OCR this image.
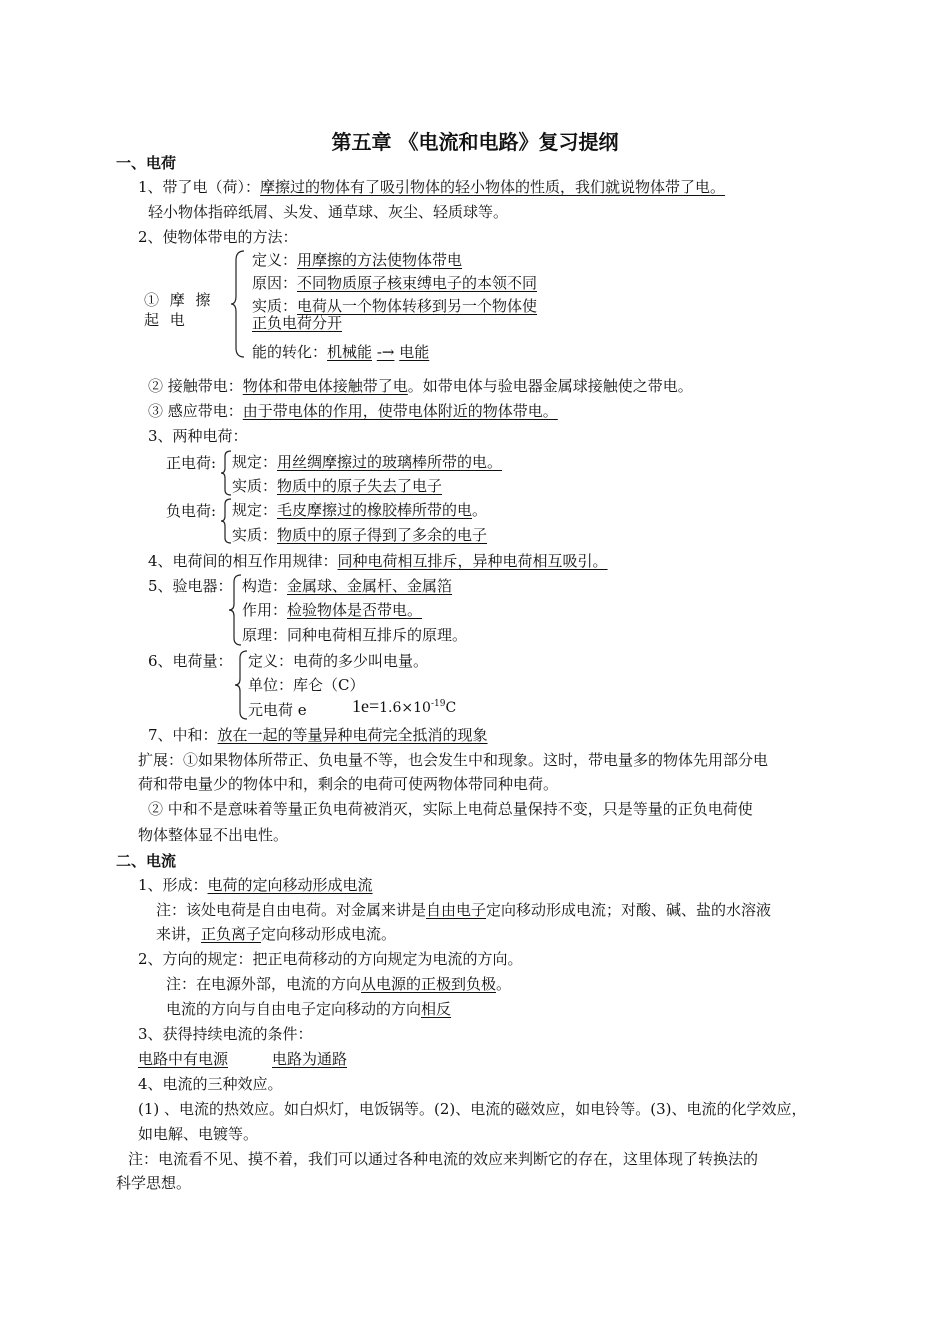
第五章 《电流和电路》复习提纲
一、电荷
1、带了电（荷）：摩擦过的物体有了吸引物体的轻小物体的性质，我们就说物体带了电。
轻小物体指碎纸屑、头发、通草球、灰尘、轻质球等。
2、使物体带电的方法：
① 摩 擦 起 电
定义：用摩擦的方法使物体带电
原因：不同物质原子核束缚电子的本领不同
实质：电荷从一个物体转移到另一个物体使
正负电荷分开
能的转化：机械能 -→ 电能
② 接触带电：物体和带电体接触带了电。如带电体与验电器金属球接触使之带电。
③ 感应带电：由于带电体的作用，使带电体附近的物体带电。
3、两种电荷：
正电荷: 规定：用丝绸摩擦过的玻璃棒所带的电。
实质：物质中的原子失去了电子
负电荷: 规定：毛皮摩擦过的橡胶棒所带的电。
实质：物质中的原子得到了多余的电子
4、电荷间的相互作用规律：同种电荷相互排斥，异种电荷相互吸引。
5、验电器： 构造：金属球、金属杆、金属箔
作用：检验物体是否带电。
原理：同种电荷相互排斥的原理。
6、电荷量： 定义：电荷的多少叫电量。
单位：库仑（C）
元电荷 e	$1e=1.6\times 10^{-19}C$
7、中和：放在一起的等量异种电荷完全抵消的现象
扩展：①如果物体所带正、负电量不等，也会发生中和现象。这时，带电量多的物体先用部分电
荷和带电量少的物体中和，剩余的电荷可使两物体带同种电荷。
② 中和不是意味着等量正负电荷被消灭，实际上电荷总量保持不变，只是等量的正负电荷使
物体整体显不出电性。
二、电流
1、形成：电荷的定向移动形成电流
注：该处电荷是自由电荷。对金属来讲是自由电子定向移动形成电流；对酸、碱、盐的水溶液
来讲，正负离子定向移动形成电流。
2、方向的规定：把正电荷移动的方向规定为电流的方向。
注：在电源外部，电流的方向从电源的正极到负极。
电流的方向与自由电子定向移动的方向相反
3、获得持续电流的条件：
电路中有电源	电路为通路
4、电流的三种效应。
(1) 、电流的热效应。如白炽灯，电饭锅等。(2)、电流的磁效应，如电铃等。(3)、电流的化学效应，
如电解、电镀等。
注：电流看不见、摸不着，我们可以通过各种电流的效应来判断它的存在，这里体现了转换法的
科学思想。
